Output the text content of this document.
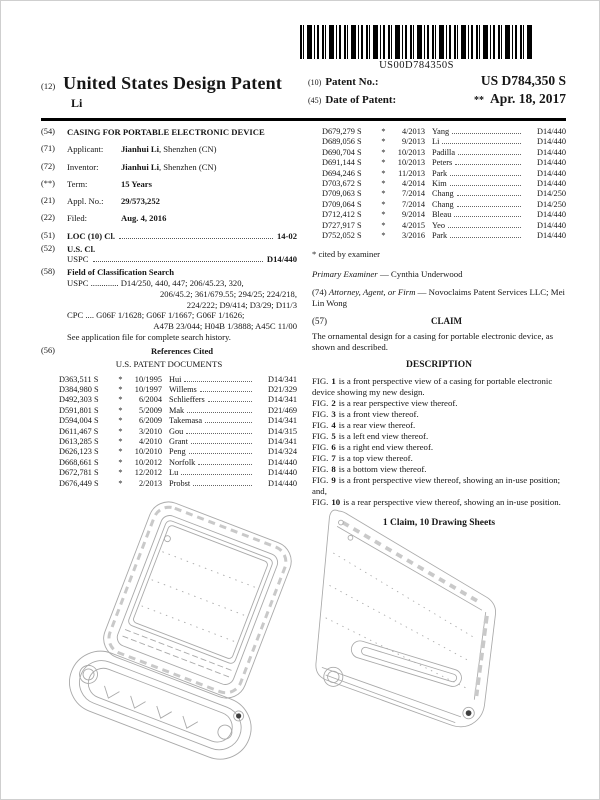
US00D784350S
(12) United States Design Patent
Li
(10) Patent No.:	US D784,350 S
(45) Date of Patent:	** Apr. 18, 2017
(54)	CASING FOR PORTABLE ELECTRONIC DEVICE
(71)	Applicant: Jianhui Li, Shenzhen (CN)
(72)	Inventor:	Jianhui Li, Shenzhen (CN)
(**)	Term:	15 Years
(21)	Appl. No.: 29/573,252
(22)	Filed:	Aug. 4, 2016
(51)	LOC (10) Cl.	14-02
(52)	U.S. Cl.
USPC	D14/440
(58)	Field of Classification Search
USPC ............. D14/250, 440, 447; 206/45.23, 320,
206/45.2; 361/679.55; 294/25; 224/218,
224/222; D9/414; D3/29; D11/3
CPC .... G06F 1/1628; G06F 1/1667; G06F 1/1626;
A47B 23/044; H04B 1/3888; A45C 11/00
See application file for complete search history.
(56)	References Cited
U.S. PATENT DOCUMENTS
D363,511 S	*	10/1995 Hui	D14/341
D384,980 S	*	10/1997 Willems	D21/329
D492,303 S	*	6/2004 Schlieffers	D14/341
D591,801 S	*	5/2009 Mak	D21/469
D594,004 S	*	6/2009 Takemasa	D14/341
D611,467 S	*	3/2010 Gou	D14/315
D613,285 S	*	4/2010 Grant	D14/341
D626,123 S	*	10/2010 Peng	D14/324
D668,661 S	*	10/2012 Norfolk	D14/440
D672,781 S	*	12/2012 Lu	D14/440
D676,449 S	*	2/2013 Probst	D14/440
D679,279 S	*	4/2013 Yang	D14/440
D689,056 S	*	9/2013 Li	D14/440
D690,704 S	*	10/2013 Padilla	D14/440
D691,144 S	*	10/2013 Peters	D14/440
D694,246 S	*	11/2013 Park	D14/440
D703,672 S	*	4/2014 Kim	D14/440
D709,063 S	*	7/2014 Chang	D14/250
D709,064 S	*	7/2014 Chang	D14/250
D712,412 S	*	9/2014 Bleau	D14/440
D727,917 S	*	4/2015 Yeo	D14/440
D752,052 S	*	3/2016 Park	D14/440
* cited by examiner
Primary Examiner — Cynthia Underwood
(74) Attorney, Agent, or Firm — Novoclaims Patent Services LLC; Mei Lin Wong
(57)	CLAIM
The ornamental design for a casing for portable electronic device, as shown and described.
DESCRIPTION
FIG. 1 is a front perspective view of a casing for portable electronic device showing my new design.
FIG. 2 is a rear perspective view thereof.
FIG. 3 is a front view thereof.
FIG. 4 is a rear view thereof.
FIG. 5 is a left end view thereof.
FIG. 6 is a right end view thereof.
FIG. 7 is a top view thereof.
FIG. 8 is a bottom view thereof.
FIG. 9 is a front perspective view thereof, showing an in-use position; and,
FIG. 10 is a rear perspective view thereof, showing an in-use position.
1 Claim, 10 Drawing Sheets
